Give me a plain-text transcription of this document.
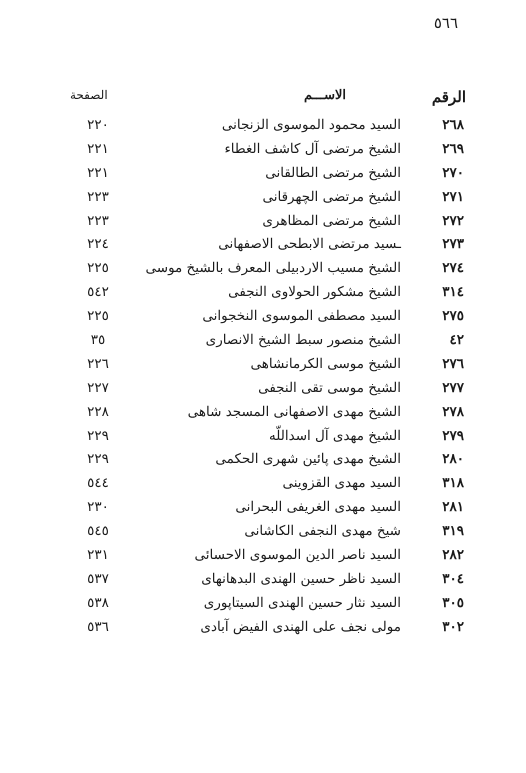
٥٦٦
الرقم
الاســـم
الصفحة
٢٦٨
السيد محمود الموسوى الزنجانى
٢٢٠
٢٦٩
الشيخ مرتضى آل كاشف الغطاء
٢٢١
٢٧٠
الشيخ مرتضى الطالقانى
٢٢١
٢٧١
الشيخ مرتضى الچهرقانى
٢٢٣
٢٧٢
الشيخ مرتضى المظاهرى
٢٢٣
٢٧٣
ـسيد مرتضى الابطحى الاصفهانى
٢٢٤
٢٧٤
الشيخ مسيب الاردبيلى المعرف بالشيخ موسى
٢٢٥
٣١٤
الشيخ مشكور الحولاوى النجفى
٥٤٢
٢٧٥
السيد مصطفى الموسوى النخجوانى
٢٢٥
٤٢
الشيخ منصور سبط الشيخ الانصارى
٣٥
٢٧٦
الشيخ موسى الكرمانشاهى
٢٢٦
٢٧٧
الشيخ موسى تقى النجفى
٢٢٧
٢٧٨
الشيخ مهدى الاصفهانى المسجد شاهى
٢٢٨
٢٧٩
الشيخ مهدى آل اسداللّه
٢٢٩
٢٨٠
الشيخ مهدى پائين شهرى الحكمى
٢٢٩
٣١٨
السيد مهدى القزوينى
٥٤٤
٢٨١
السيد مهدى الغريفى البحرانى
٢٣٠
٣١٩
شيخ مهدى النجفى الكاشانى
٥٤٥
٢٨٢
السيد ناصر الدين الموسوى الاحسائى
٢٣١
٣٠٤
السيد ناظر حسين الهندى البدهانهاى
٥٣٧
٣٠٥
السيد نثار حسين الهندى السيتاپورى
٥٣٨
٣٠٢
مولى نجف على الهندى الفيض آبادى
٥٣٦
